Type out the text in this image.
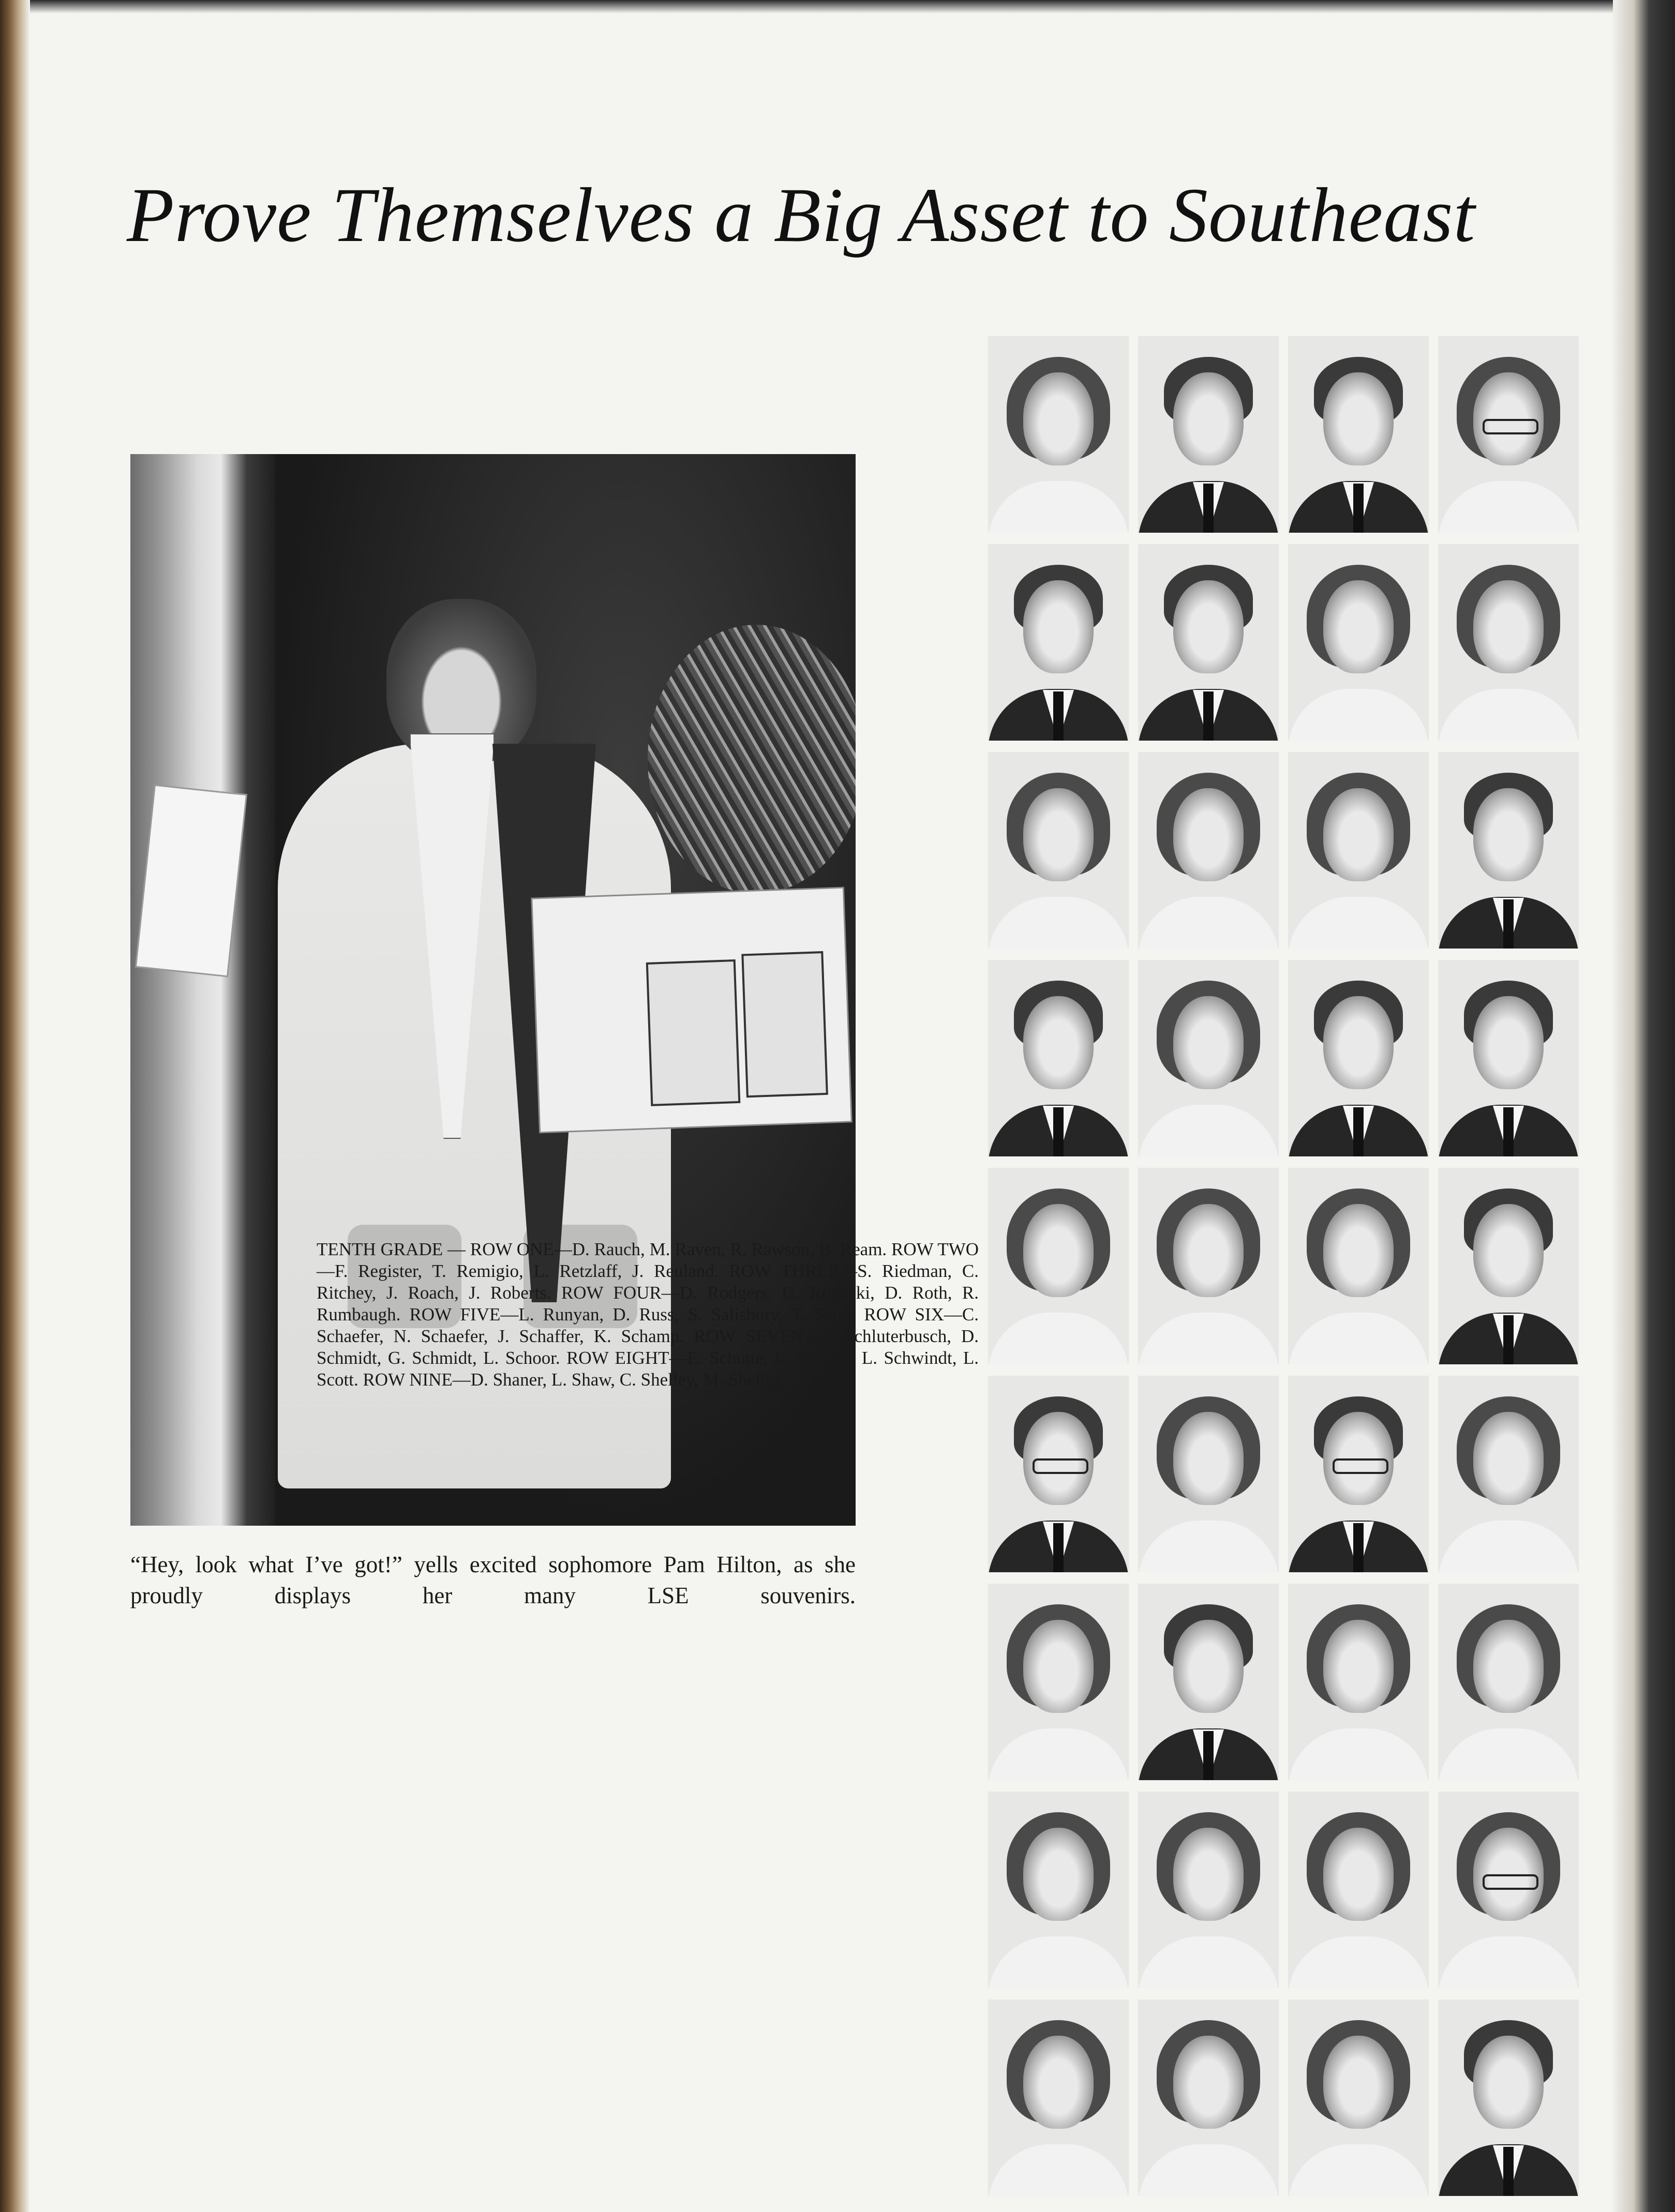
Prove Themselves a Big Asset to Southeast

“Hey, look what I’ve got!” yells excited sophomore Pam Hilton, as she proudly displays her many LSE souvenirs.

TENTH GRADE — ROW ONE—D. Rauch, M. Raven, R. Rawson, B. Ream. ROW TWO—F. Register, T. Remigio, L. Retzlaff, J. Reuland. ROW THREE—S. Riedman, C. Ritchey, J. Roach, J. Roberts. ROW FOUR—D. Rodgers, G. Rogacki, D. Roth, R. Rumbaugh. ROW FIVE—L. Runyan, D. Russ, S. Salisbury, T. Sapp. ROW SIX—C. Schaefer, N. Schaefer, J. Schaffer, K. Schamp. ROW SEVEN—P. Schluterbusch, D. Schmidt, G. Schmidt, L. Schoor. ROW EIGHT—E. Schutte, L. Schutte, L. Schwindt, L. Scott. ROW NINE—D. Shaner, L. Shaw, C. Shelley, M. Shelley.
